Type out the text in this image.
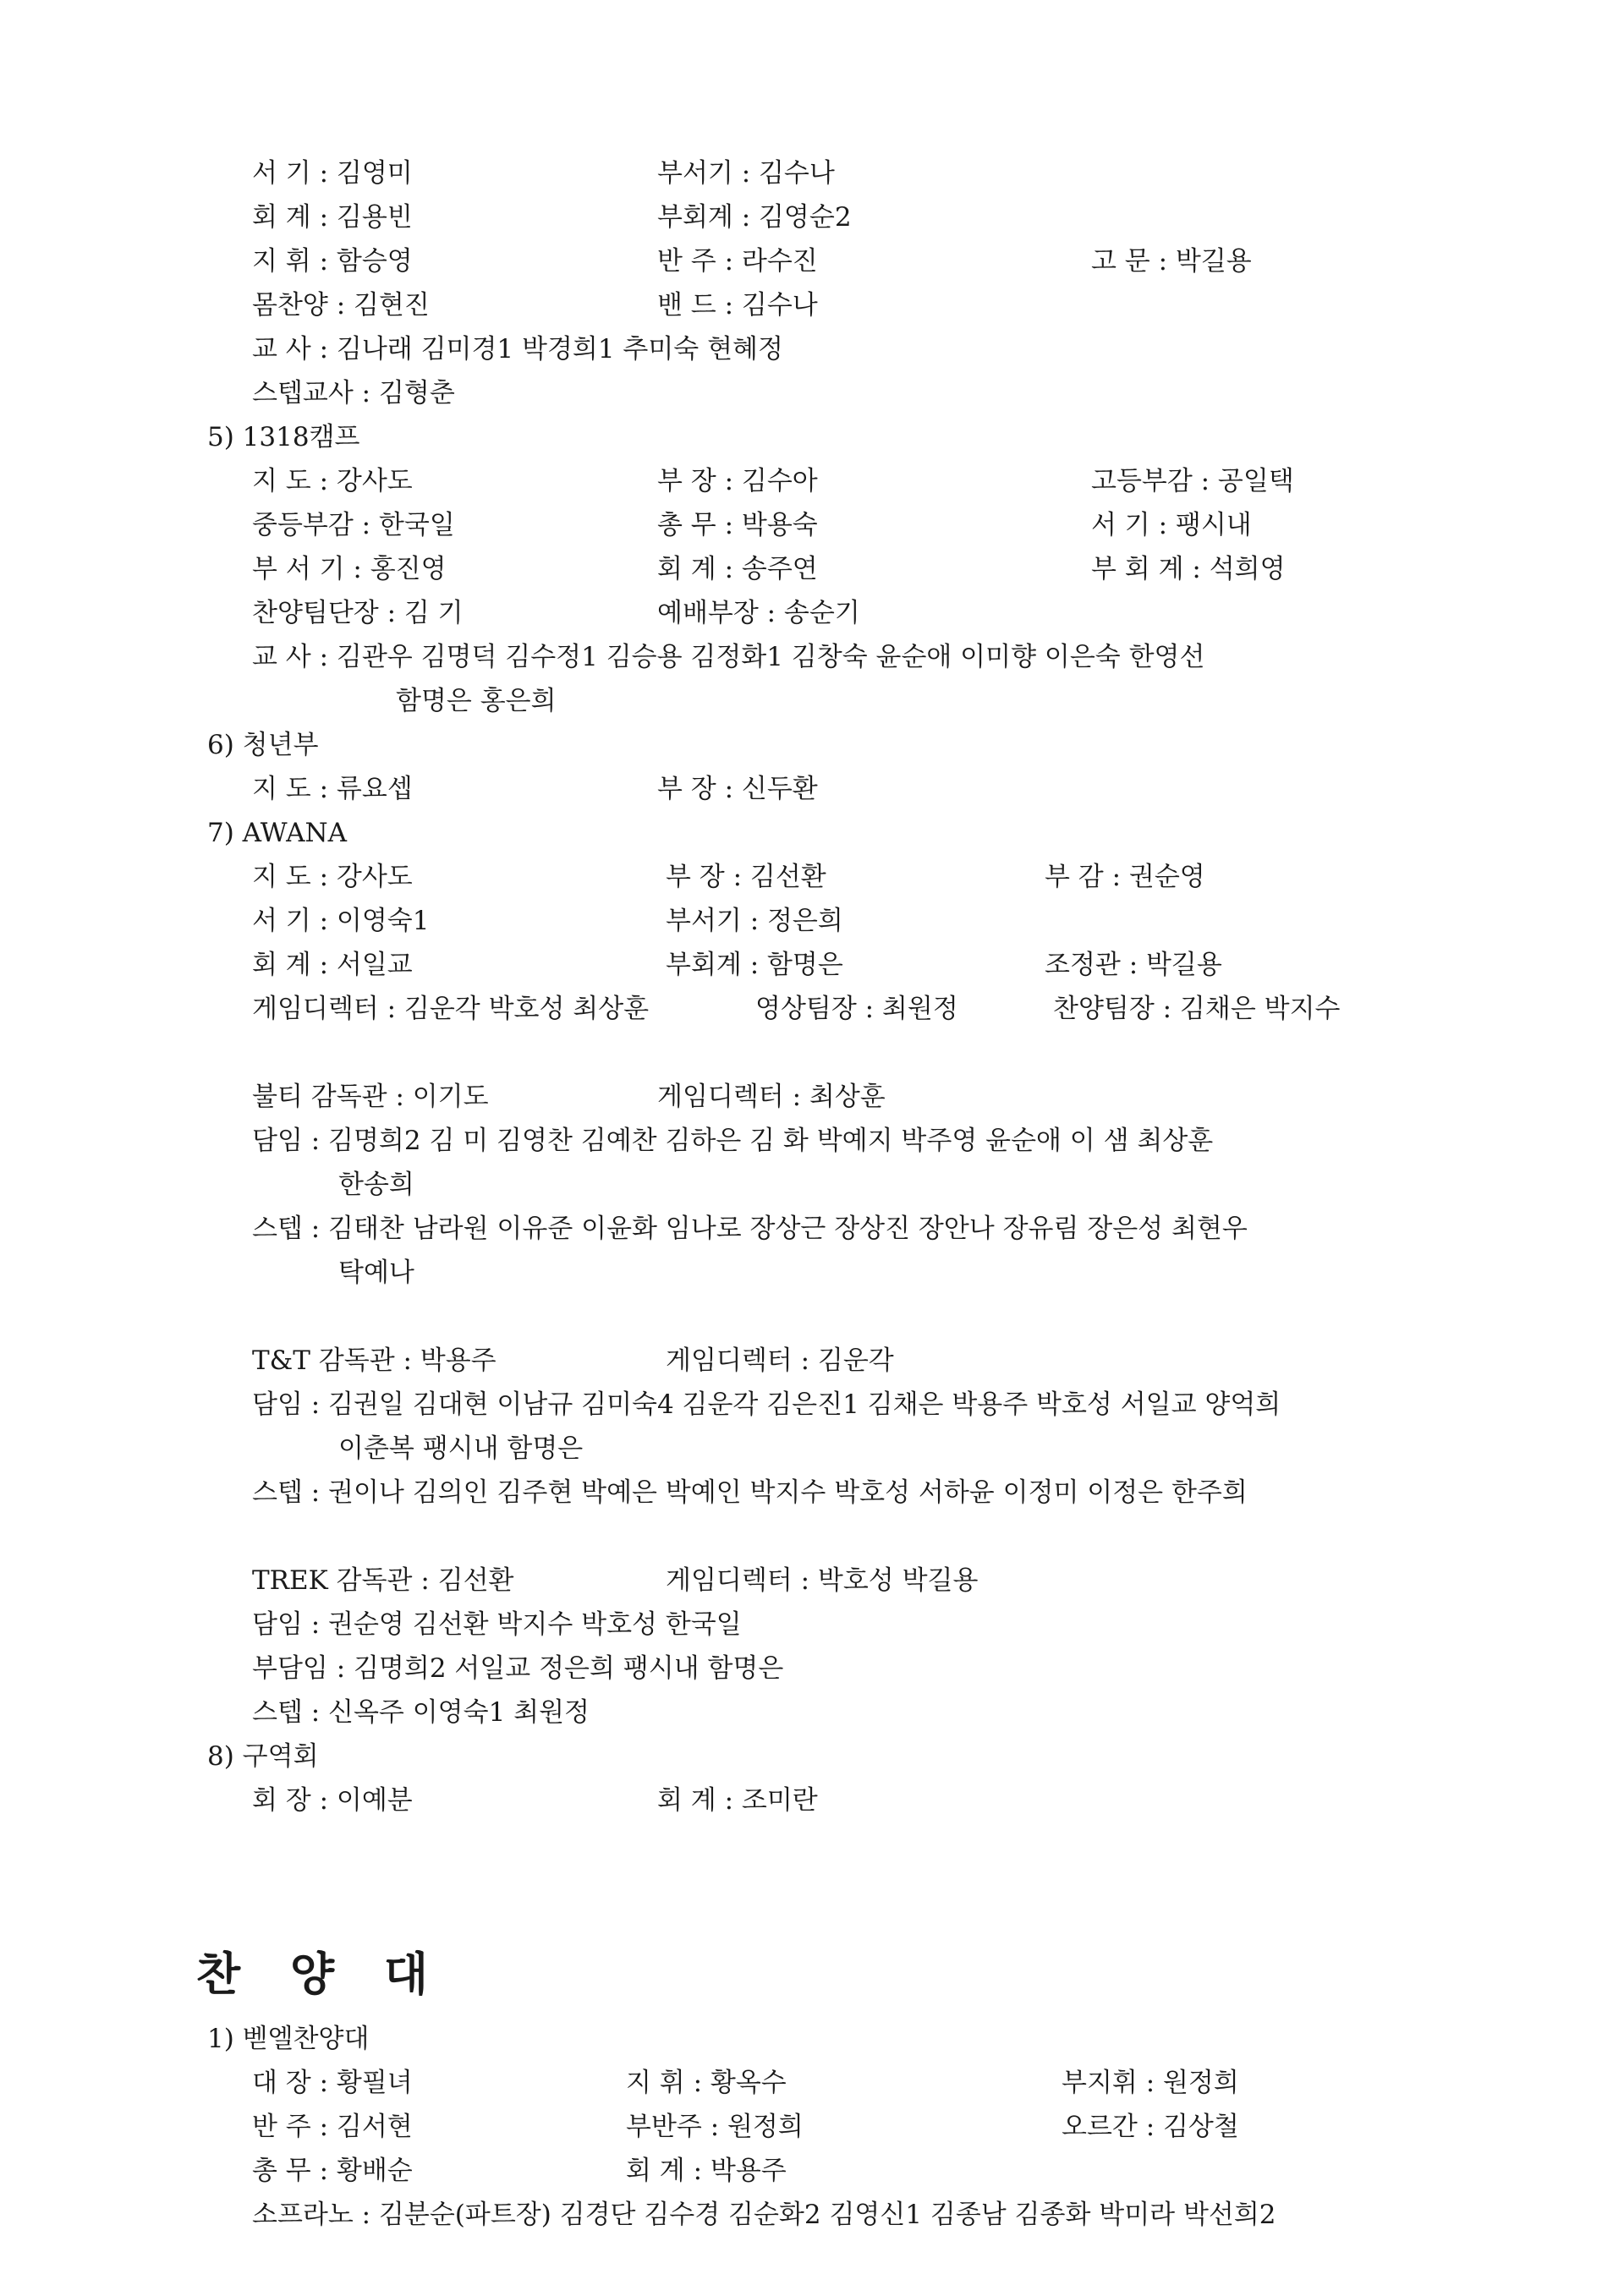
서 기 : 김영미	부서기 : 김수나
회 계 : 김용빈	부회계 : 김영순2
지 휘 : 함승영	반 주 : 라수진	고 문 : 박길용
몸찬양 : 김현진	밴 드 : 김수나
교 사 : 김나래 김미경1 박경희1 추미숙 현혜정
스텝교사 : 김형춘
5) 1318캠프
지 도 : 강사도	부 장 : 김수아	고등부감 : 공일택
중등부감 : 한국일	총 무 : 박용숙	서 기 : 팽시내
부 서 기 : 홍진영	회 계 : 송주연	부 회 계 : 석희영
찬양팀단장 : 김 기	예배부장 : 송순기
교 사 : 김관우 김명덕 김수정1 김승용 김정화1 김창숙 윤순애 이미향 이은숙 한영선
함명은 홍은희
6) 청년부
지 도 : 류요셉	부 장 : 신두환
7) AWANA
지 도 : 강사도	부 장 : 김선환	부 감 : 권순영
서 기 : 이영숙1	부서기 : 정은희
회 계 : 서일교	부회계 : 함명은	조정관 : 박길용
게임디렉터 : 김운각 박호성 최상훈	영상팀장 : 최원정	찬양팀장 : 김채은 박지수
불티 감독관 : 이기도	게임디렉터 : 최상훈
담임 : 김명희2 김 미 김영찬 김예찬 김하은 김 화 박예지 박주영 윤순애 이 샘 최상훈
한송희
스텝 : 김태찬 남라원 이유준 이윤화 임나로 장상근 장상진 장안나 장유림 장은성 최현우
탁예나
T&T 감독관 : 박용주	게임디렉터 : 김운각
담임 : 김권일 김대현 이남규 김미숙4 김운각 김은진1 김채은 박용주 박호성 서일교 양억희
이춘복 팽시내 함명은
스텝 : 권이나 김의인 김주현 박예은 박예인 박지수 박호성 서하윤 이정미 이정은 한주희
TREK 감독관 : 김선환	게임디렉터 : 박호성 박길용
담임 : 권순영 김선환 박지수 박호성 한국일
부담임 : 김명희2 서일교 정은희 팽시내 함명은
스텝 : 신옥주 이영숙1 최원정
8) 구역회
회 장 : 이예분	회 계 : 조미란
찬 양 대
1) 벧엘찬양대
대 장 : 황필녀	지 휘 : 황옥수	부지휘 : 원정희
반 주 : 김서현	부반주 : 원정희	오르간 : 김상철
총 무 : 황배순	회 계 : 박용주
소프라노 : 김분순(파트장) 김경단 김수경 김순화2 김영신1 김종남 김종화 박미라 박선희2
